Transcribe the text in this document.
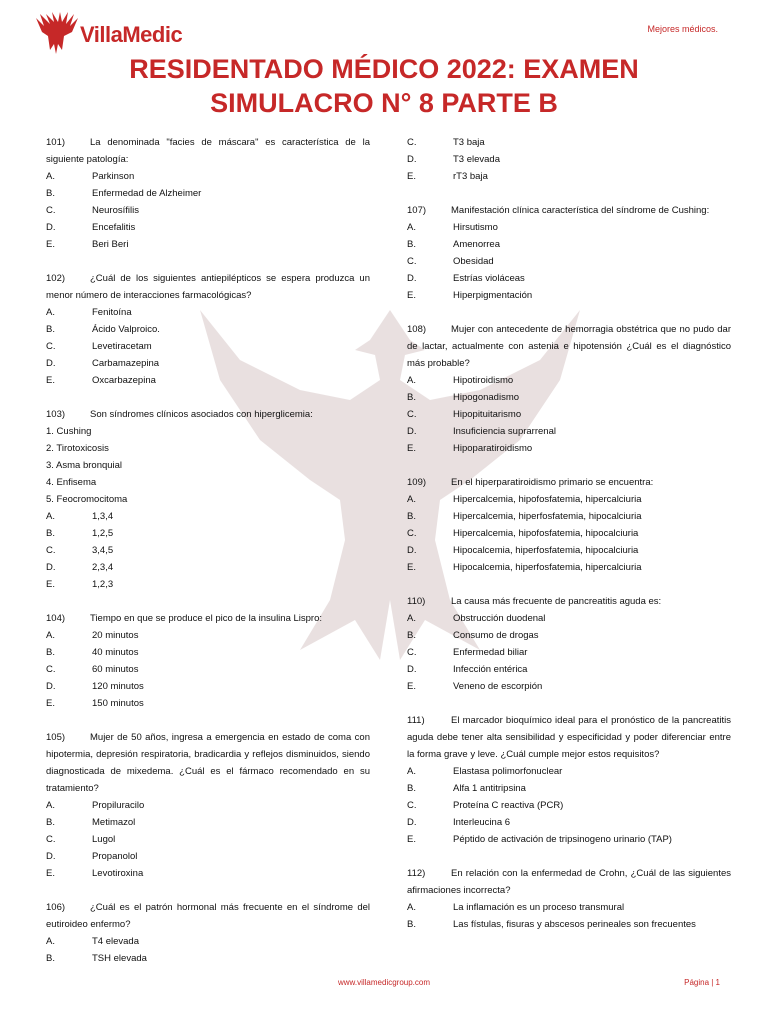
VillaMedic	Mejores médicos.
RESIDENTADO MÉDICO 2022: EXAMEN
SIMULACRO N° 8 PARTE B
101)	La denominada "facies de máscara" es característica de la siguiente patología:
A.	Parkinson
B.	Enfermedad de Alzheimer
C.	Neurosífilis
D.	Encefalitis
E.	Beri Beri
102)	¿Cuál de los siguientes antiepilépticos se espera produzca un menor número de interacciones farmacológicas?
A.	Fenitoína
B.	Ácido Valproico.
C.	Levetiracetam
D.	Carbamazepina
E.	Oxcarbazepina
103)	Son síndromes clínicos asociados con hiperglicemia:
1. Cushing
2. Tirotoxicosis
3. Asma bronquial
4. Enfisema
5. Feocromocitoma
A.	1,3,4
B.	1,2,5
C.	3,4,5
D.	2,3,4
E.	1,2,3
104)	Tiempo en que se produce el pico de la insulina Lispro:
A.	20 minutos
B.	40 minutos
C.	60 minutos
D.	120 minutos
E.	150 minutos
105)	Mujer de 50 años, ingresa a emergencia en estado de coma con hipotermia, depresión respiratoria, bradicardia y reflejos disminuidos, siendo diagnosticada de mixedema. ¿Cuál es el fármaco recomendado en su tratamiento?
A.	Propiluracilo
B.	Metimazol
C.	Lugol
D.	Propanolol
E.	Levotiroxina
106)	¿Cuál es el patrón hormonal más frecuente en el síndrome del eutiroideo enfermo?
A.	T4 elevada
B.	TSH elevada
C.	T3 baja
D.	T3 elevada
E.	rT3 baja
107)	Manifestación clínica característica del síndrome de Cushing:
A.	Hirsutismo
B.	Amenorrea
C.	Obesidad
D.	Estrías violáceas
E.	Hiperpigmentación
108)	Mujer con antecedente de hemorragia obstétrica que no pudo dar de lactar, actualmente con astenia e hipotensión ¿Cuál es el diagnóstico más probable?
A.	Hipotiroidismo
B.	Hipogonadismo
C.	Hipopituitarismo
D.	Insuficiencia suprarrenal
E.	Hipoparatiroidismo
109)	En el hiperparatiroidismo primario se encuentra:
A.	Hipercalcemia, hipofosfatemia, hipercalciuria
B.	Hipercalcemia, hiperfosfatemia, hipocalciuria
C.	Hipercalcemia, hipofosfatemia, hipocalciuria
D.	Hipocalcemia, hiperfosfatemia, hipocalciuria
E.	Hipocalcemia, hiperfosfatemia, hipercalciuria
110)	La causa más frecuente de pancreatitis aguda es:
A.	Obstrucción duodenal
B.	Consumo de drogas
C.	Enfermedad biliar
D.	Infección entérica
E.	Veneno de escorpión
111)	El marcador bioquímico ideal para el pronóstico de la pancreatitis aguda debe tener alta sensibilidad y especificidad y poder diferenciar entre la forma grave y leve. ¿Cuál cumple mejor estos requisitos?
A.	Elastasa polimorfonuclear
B.	Alfa 1 antitripsina
C.	Proteína C reactiva (PCR)
D.	Interleucina 6
E.	Péptido de activación de tripsinogeno urinario (TAP)
112)	En relación con la enfermedad de Crohn, ¿Cuál de las siguientes afirmaciones incorrecta?
A.	La inflamación es un proceso transmural
B.	Las fístulas, fisuras y abscesos perineales son frecuentes
www.villamedicgroup.com	Página | 1
